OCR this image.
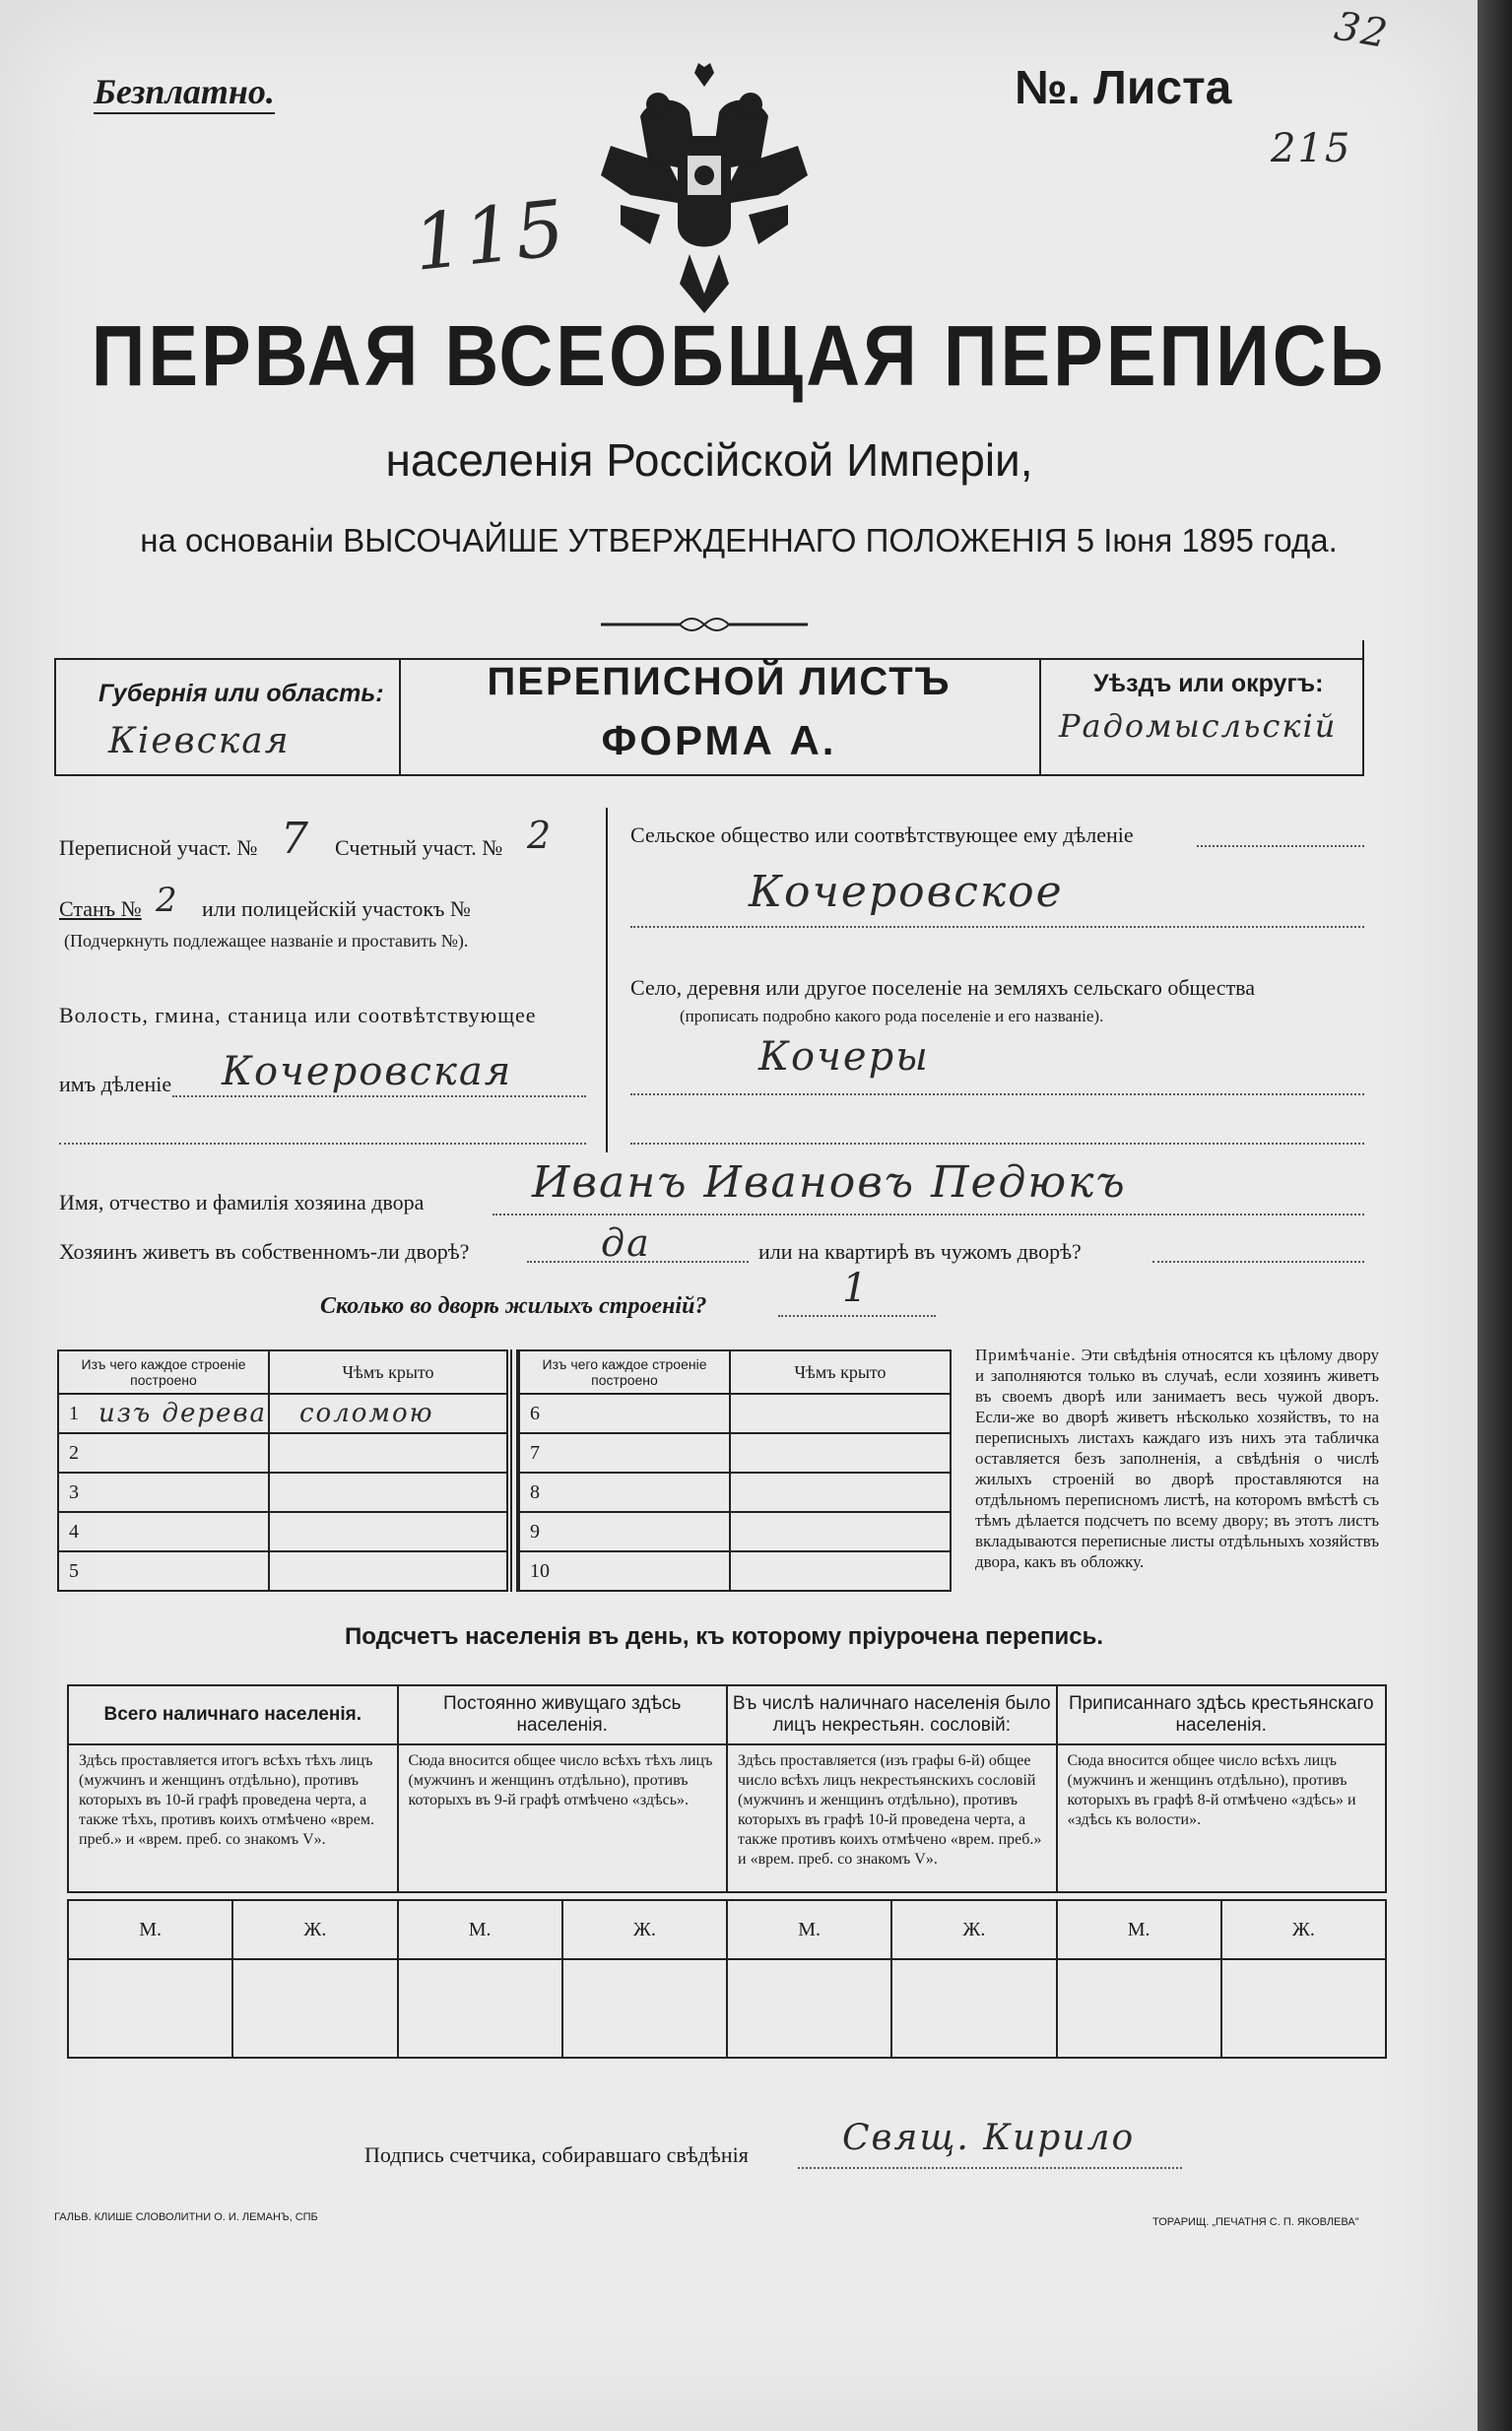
Безплатно.	№. Листа
215
32
115
ПЕРВАЯ ВСЕОБЩАЯ ПЕРЕПИСЬ
населенія Россійской Имперіи,
на основаніи ВЫСОЧАЙШЕ УТВЕРЖДЕННАГО ПОЛОЖЕНІЯ 5 Іюня 1895 года.
Губернія или область:
Кіевская
ПЕРЕПИСНОЙ ЛИСТЪ
ФОРМА А.
Уѣздъ или округъ:
Радомысльскій
Переписной участ. № 7 Счетный участ. № 2
Станъ № 2 или полицейскій участокъ №
(Подчеркнуть подлежащее названіе и проставить №).
Волость, гмина, станица или соотвѣтствующее
имъ дѣленіе Кочеровская
Сельское общество или соотвѣтствующее ему дѣленіе
Кочеровское
Село, деревня или другое поселеніе на земляхъ сельскаго общества
(прописать подробно какого рода поселеніе и его названіе).
Кочеры
Имя, отчество и фамилія хозяина двора Иванъ Ивановъ Педюкъ
Хозяинъ живетъ въ собственномъ-ли дворѣ?	да	или на квартирѣ въ чужомъ дворѣ?
Сколько во дворѣ жилыхъ строеній?	1
Изъ чего каждое строеніе построено	Чѣмъ крыто

1 изъ дерева	соломою

2	

3	

4	

5	

Изъ чего каждое строеніе построено	Чѣмъ крыто

6	

7	

8	

9	

10	

Примѣчаніе. Эти свѣдѣнія относятся къ цѣлому двору и заполняются только въ случаѣ, если хозяинъ живетъ въ своемъ дворѣ или занимаетъ весь чужой дворъ. Если-же во дворѣ живетъ нѣсколько хозяйствъ, то на переписныхъ листахъ каждаго изъ нихъ эта табличка оставляется безъ заполненія, а свѣдѣнія о числѣ жилыхъ строеній во дворѣ проставляются на отдѣльномъ переписномъ листѣ, на которомъ вмѣстѣ съ тѣмъ дѣлается подсчетъ по всему двору; въ этотъ листъ вкладываются переписные листы отдѣльныхъ хозяйствъ двора, какъ въ обложку.
Подсчетъ населенія въ день, къ которому пріурочена перепись.
Всего наличнаго населенія.	Постоянно живущаго здѣсь населенія.	Въ числѣ наличнаго населенія было лицъ некрестьян. сословій:	Приписаннаго здѣсь крестьянскаго населенія.
Здѣсь проставляется итогъ всѣхъ тѣхъ лицъ (мужчинъ и женщинъ отдѣльно), противъ которыхъ въ 10-й графѣ проведена черта, а также тѣхъ, противъ коихъ отмѣчено «врем. преб.» и «врем. преб. со знакомъ V».	Сюда вносится общее число всѣхъ тѣхъ лицъ (мужчинъ и женщинъ отдѣльно), противъ которыхъ въ 9-й графѣ отмѣчено «здѣсь».	Здѣсь проставляется (изъ графы 6-й) общее число всѣхъ лицъ некрестьянскихъ сословій (мужчинъ и женщинъ отдѣльно), противъ которыхъ въ графѣ 10-й проведена черта, а также противъ коихъ отмѣчено «врем. преб.» и «врем. преб. со знакомъ V».	Сюда вносится общее число всѣхъ лицъ (мужчинъ и женщинъ отдѣльно), противъ которыхъ въ графѣ 8-й отмѣчено «здѣсь» и «здѣсь къ волости».
М.	Ж.	М.	Ж.	М.	Ж.	М.	Ж.

Подпись счетчика, собиравшаго свѣдѣнія	Свящ. Кирило
ГАЛЬВ. КЛИШЕ СЛОВОЛИТНИ О. И. ЛЕМАНЪ, СПБ	ТОРАРИЩ. „ПЕЧАТНЯ С. П. ЯКОВЛЕВА"
